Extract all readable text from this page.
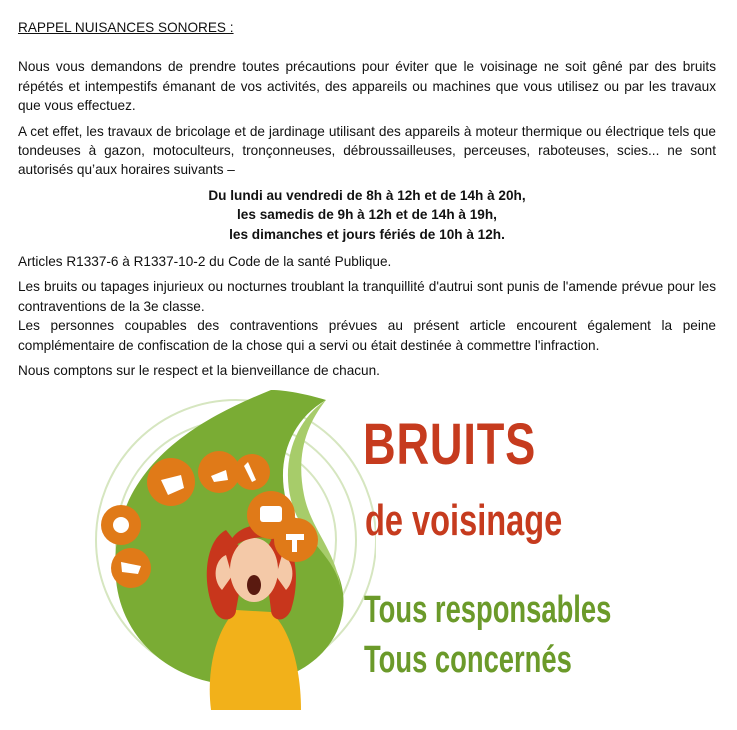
RAPPEL NUISANCES SONORES :

Nous vous demandons de prendre toutes précautions pour éviter que le voisinage ne soit gêné par des bruits répétés et intempestifs émanant de vos activités, des appareils ou machines que vous utilisez ou par les travaux que vous effectuez.

A cet effet, les travaux de bricolage et de jardinage utilisant des appareils à moteur thermique ou électrique tels que tondeuses à gazon, motoculteurs, tronçonneuses, débroussailleuses, perceuses, raboteuses, scies... ne sont autorisés qu’aux horaires suivants –

Du lundi au vendredi de 8h à 12h et de 14h à 20h,
les samedis de 9h à 12h et de 14h à 19h,
les dimanches et jours fériés de 10h à 12h.

Articles R1337-6 à R1337-10-2 du Code de la santé Publique.

Les bruits ou tapages injurieux ou nocturnes troublant la tranquillité d'autrui sont punis de l'amende prévue pour les contraventions de la 3e classe.

Les personnes coupables des contraventions prévues au présent article encourent également la peine complémentaire de confiscation de la chose qui a servi ou était destinée à commettre l'infraction.

Nous comptons sur le respect et la bienveillance de chacun.

BRUITS
de voisinage
Tous responsables
Tous concernés
